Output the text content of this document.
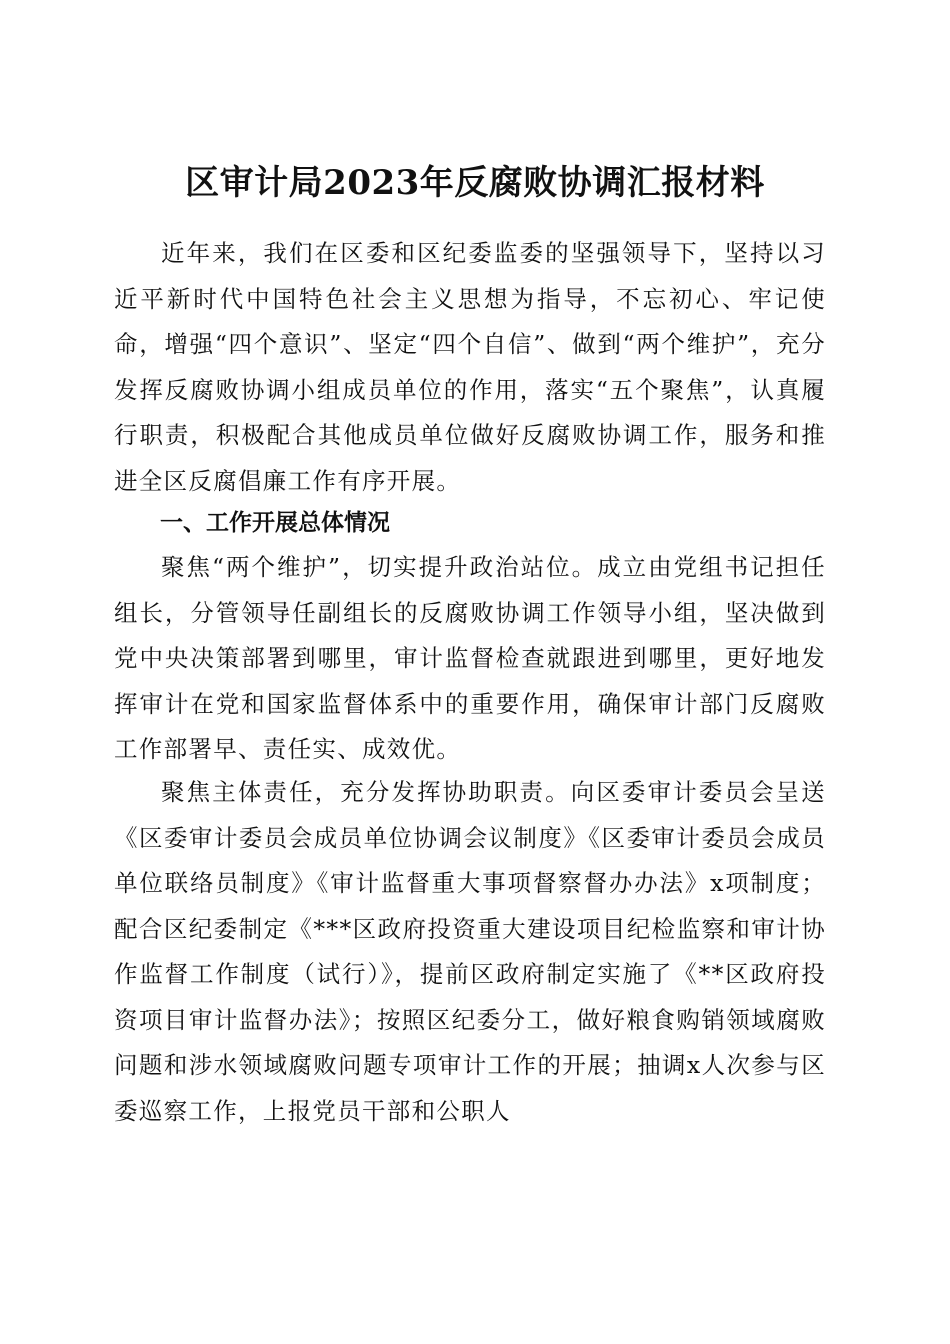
区审计局2023年反腐败协调汇报材料

近年来，我们在区委和区纪委监委的坚强领导下，坚持以习近平新时代中国特色社会主义思想为指导，不忘初心、牢记使命，增强“四个意识”、坚定“四个自信”、做到“两个维护”，充分发挥反腐败协调小组成员单位的作用，落实“五个聚焦”，认真履行职责，积极配合其他成员单位做好反腐败协调工作，服务和推进全区反腐倡廉工作有序开展。

一、工作开展总体情况

聚焦“两个维护”，切实提升政治站位。成立由党组书记担任组长，分管领导任副组长的反腐败协调工作领导小组，坚决做到党中央决策部署到哪里，审计监督检查就跟进到哪里，更好地发挥审计在党和国家监督体系中的重要作用，确保审计部门反腐败工作部署早、责任实、成效优。

聚焦主体责任，充分发挥协助职责。向区委审计委员会呈送《区委审计委员会成员单位协调会议制度》《区委审计委员会成员单位联络员制度》《审计监督重大事项督察督办办法》x项制度；配合区纪委制定《***区政府投资重大建设项目纪检监察和审计协作监督工作制度（试行）》，提前区政府制定实施了《**区政府投资项目审计监督办法》；按照区纪委分工，做好粮食购销领域腐败问题和涉水领域腐败问题专项审计工作的开展；抽调x人次参与区委巡察工作，上报党员干部和公职人
